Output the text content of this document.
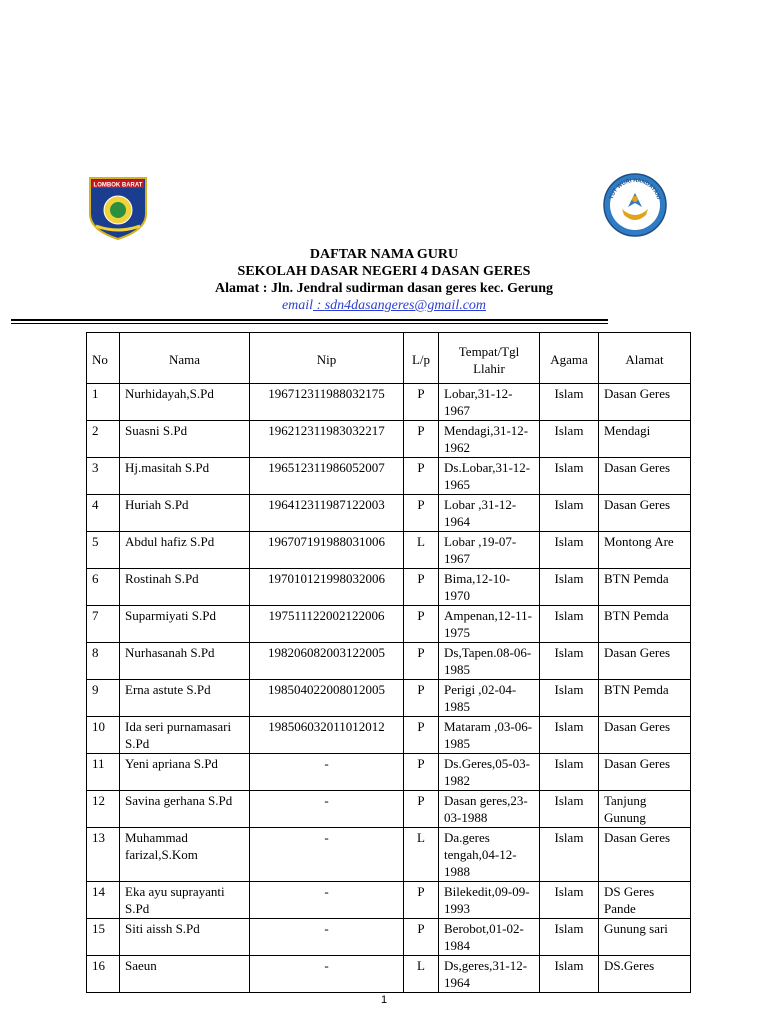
LOMBOK BARAT
TUT WURI HANDAYANI
DAFTAR NAMA GURU
SEKOLAH DASAR NEGERI 4 DASAN GERES
Alamat : Jln. Jendral sudirman dasan geres kec. Gerung
email : sdn4dasangeres@gmail.com
No	Nama	Nip	L/p	Tempat/Tgl Llahir	Agama	Alamat
1	Nurhidayah,S.Pd	196712311988032175	P	Lobar,31-12-1967	Islam	Dasan Geres
2	Suasni S.Pd	196212311983032217	P	Mendagi,31-12-1962	Islam	Mendagi
3	Hj.masitah S.Pd	196512311986052007	P	Ds.Lobar,31-12-1965	Islam	Dasan Geres
4	Huriah S.Pd	196412311987122003	P	Lobar ,31-12-1964	Islam	Dasan Geres
5	Abdul hafiz S.Pd	196707191988031006	L	Lobar ,19-07-1967	Islam	Montong Are
6	Rostinah S.Pd	197010121998032006	P	Bima,12-10-1970	Islam	BTN Pemda
7	Suparmiyati S.Pd	197511122002122006	P	Ampenan,12-11-1975	Islam	BTN Pemda
8	Nurhasanah S.Pd	198206082003122005	P	Ds,Tapen.08-06-1985	Islam	Dasan Geres
9	Erna astute S.Pd	198504022008012005	P	Perigi ,02-04-1985	Islam	BTN Pemda
10	Ida seri purnamasari S.Pd	198506032011012012	P	Mataram ,03-06-1985	Islam	Dasan Geres
11	Yeni apriana S.Pd	-	P	Ds.Geres,05-03-1982	Islam	Dasan Geres
12	Savina gerhana S.Pd	-	P	Dasan geres,23-03-1988	Islam	Tanjung Gunung
13	Muhammad farizal,S.Kom	-	L	Da.geres tengah,04-12-1988	Islam	Dasan Geres
14	Eka ayu suprayanti S.Pd	-	P	Bilekedit,09-09-1993	Islam	DS Geres Pande
15	Siti aissh S.Pd	-	P	Berobot,01-02-1984	Islam	Gunung sari
16	Saeun	-	L	Ds,geres,31-12-1964	Islam	DS.Geres
1
